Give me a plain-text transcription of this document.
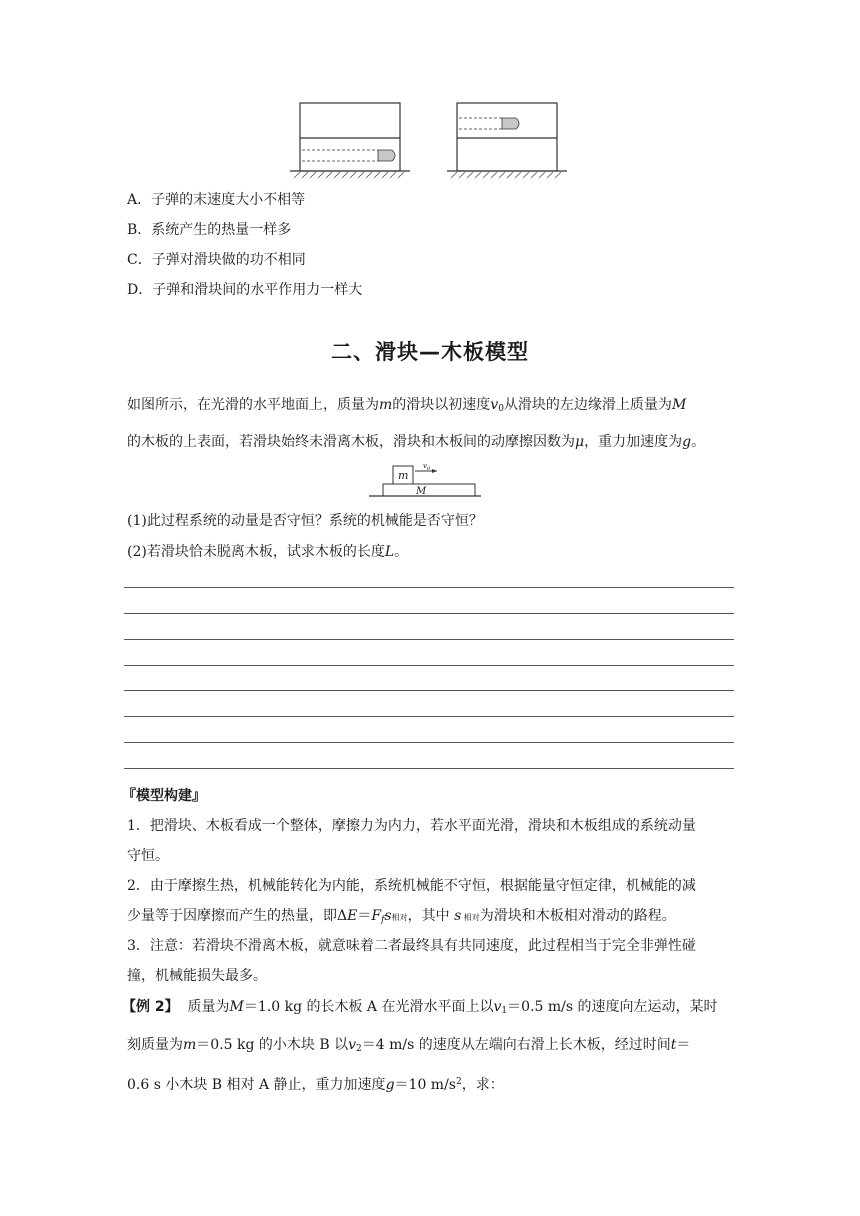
A．子弹的末速度大小不相等
B．系统产生的热量一样多
C．子弹对滑块做的功不相同
D．子弹和滑块间的水平作用力一样大
二、滑块—木板模型
如图所示，在光滑的水平地面上，质量为m的滑块以初速度$v_0$从滑块的左边缘滑上质量为M
的木板的上表面，若滑块始终未滑离木板，滑块和木板间的动摩擦因数为μ，重力加速度为g。
m
$v_0$
M
(1)此过程系统的动量是否守恒？系统的机械能是否守恒？
(2)若滑块恰未脱离木板，试求木板的长度L。
『模型构建』
1．把滑块、木板看成一个整体，摩擦力为内力，若水平面光滑，滑块和木板组成的系统动量
守恒。
2．由于摩擦生热，机械能转化为内能，系统机械能不守恒，根据能量守恒定律，机械能的减
少量等于因摩擦而产生的热量，即$\Delta E=F_fs$相对，其中 s 相对为滑块和木板相对滑动的路程。
3．注意：若滑块不滑离木板，就意味着二者最终具有共同速度，此过程相当于完全非弹性碰
撞，机械能损失最多。
【例 2】 质量为M＝1.0 kg 的长木板 A 在光滑水平面上以$v_1=0.5$ m/s 的速度向左运动，某时
刻质量为m＝0.5 kg 的小木块 B 以$v_2=4$ m/s 的速度从左端向右滑上长木板，经过时间t＝
0.6 s 小木块 B 相对 A 静止，重力加速度g＝10 $m/s^2$，求：
